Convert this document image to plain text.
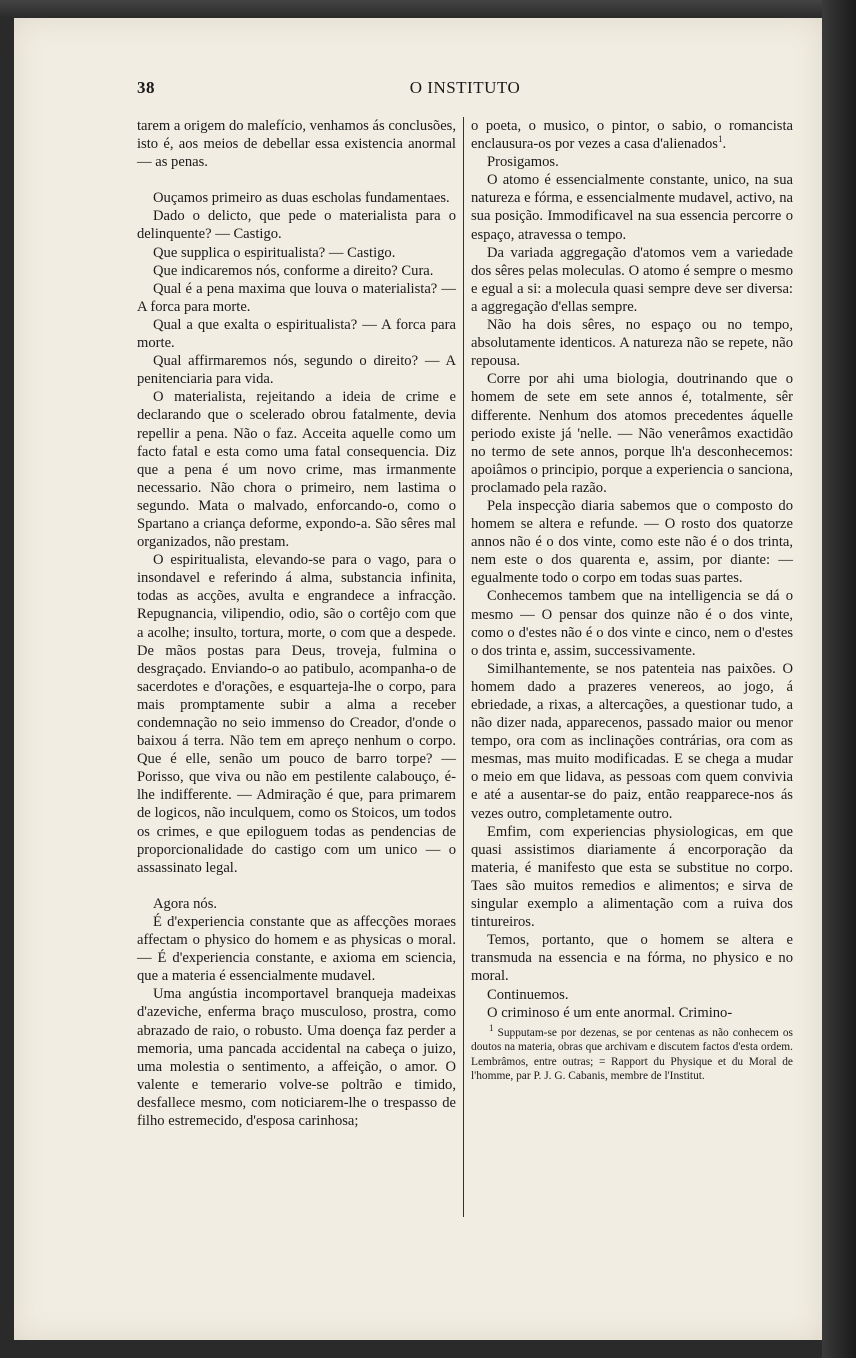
38	O INSTITUTO

tarem a origem do malefício, venhamos ás conclusões, isto é, aos meios de debellar essa existencia anormal — as penas.

Ouçamos primeiro as duas escholas fundamentaes.

Dado o delicto, que pede o materialista para o delinquente? — Castigo.

Que supplica o espiritualista? — Castigo.

Que indicaremos nós, conforme a direito? Cura.

Qual é a pena maxima que louva o materialista? — A forca para morte.

Qual a que exalta o espiritualista? — A forca para morte.

Qual affirmaremos nós, segundo o direito? — A penitenciaria para vida.

O materialista, rejeitando a ideia de crime e declarando que o scelerado obrou fatalmente, devia repellir a pena. Não o faz. Acceita aquelle como um facto fatal e esta como uma fatal consequencia. Diz que a pena é um novo crime, mas irmanmente necessario. Não chora o primeiro, nem lastima o segundo. Mata o malvado, enforcando-o, como o Spartano a criança deforme, expondo-a. São sêres mal organizados, não prestam.

O espiritualista, elevando-se para o vago, para o insondavel e referindo á alma, substancia infinita, todas as acções, avulta e engrandece a infracção. Repugnancia, vilipendio, odio, são o cortêjo com que a acolhe; insulto, tortura, morte, o com que a despede. De mãos postas para Deus, troveja, fulmina o desgraçado. Enviando-o ao patibulo, acompanha-o de sacerdotes e d'orações, e esquarteja-lhe o corpo, para mais promptamente subir a alma a receber condemnação no seio immenso do Creador, d'onde o baixou á terra. Não tem em apreço nenhum o corpo. Que é elle, senão um pouco de barro torpe? — Porisso, que viva ou não em pestilente calabouço, é-lhe indifferente. — Admiração é que, para primarem de logicos, não inculquem, como os Stoicos, um todos os crimes, e que epiloguem todas as pendencias de proporcionalidade do castigo com um unico — o assassinato legal.

Agora nós.

É d'experiencia constante que as affecções moraes affectam o physico do homem e as physicas o moral. — É d'experiencia constante, e axioma em sciencia, que a materia é essencialmente mudavel.

Uma angústia incomportavel branqueja madeixas d'azeviche, enferma braço musculoso, prostra, como abrazado de raio, o robusto. Uma doença faz perder a memoria, uma pancada accidental na cabeça o juizo, uma molestia o sentimento, a affeição, o amor. O valente e temerario volve-se poltrão e timido, desfallece mesmo, com noticiarem-lhe o trespasso de filho estremecido, d'esposa carinhosa;

o poeta, o musico, o pintor, o sabio, o romancista enclausura-os por vezes a casa d'alienados$^1$.

Prosigamos.

O atomo é essencialmente constante, unico, na sua natureza e fórma, e essencialmente mudavel, activo, na sua posição. Immodificavel na sua essencia percorre o espaço, atravessa o tempo.

Da variada aggregação d'atomos vem a variedade dos sêres pelas moleculas. O atomo é sempre o mesmo e egual a si: a molecula quasi sempre deve ser diversa: a aggregação d'ellas sempre.

Não ha dois sêres, no espaço ou no tempo, absolutamente identicos. A natureza não se repete, não repousa.

Corre por ahi uma biologia, doutrinando que o homem de sete em sete annos é, totalmente, sêr differente. Nenhum dos atomos precedentes áquelle periodo existe já 'nelle. — Não venerâmos exactidão no termo de sete annos, porque lh'a desconhecemos: apoiâmos o principio, porque a experiencia o sanciona, proclamado pela razão.

Pela inspecção diaria sabemos que o composto do homem se altera e refunde. — O rosto dos quatorze annos não é o dos vinte, como este não é o dos trinta, nem este o dos quarenta e, assim, por diante: — egualmente todo o corpo em todas suas partes.

Conhecemos tambem que na intelligencia se dá o mesmo — O pensar dos quinze não é o dos vinte, como o d'estes não é o dos vinte e cinco, nem o d'estes o dos trinta e, assim, successivamente.

Similhantemente, se nos patenteia nas paixões. O homem dado a prazeres venereos, ao jogo, á ebriedade, a rixas, a altercações, a questionar tudo, a não dizer nada, apparecenos, passado maior ou menor tempo, ora com as inclinações contrárias, ora com as mesmas, mas muito modificadas. E se chega a mudar o meio em que lidava, as pessoas com quem convivia e até a ausentar-se do paiz, então reapparece-nos ás vezes outro, completamente outro.

Emfim, com experiencias physiologicas, em que quasi assistimos diariamente á encorporação da materia, é manifesto que esta se substitue no corpo. Taes são muitos remedios e alimentos; e sirva de singular exemplo a alimentação com a ruiva dos tintureiros.

Temos, portanto, que o homem se altera e transmuda na essencia e na fórma, no physico e no moral.

Continuemos.

O criminoso é um ente anormal. Crimino-

$^1$ Supputam-se por dezenas, se por centenas as não conhecem os doutos na materia, obras que archivam e discutem factos d'esta ordem. Lembrâmos, entre outras; = Rapport du Physique et du Moral de l'homme, par P. J. G. Cabanis, membre de l'Institut.
